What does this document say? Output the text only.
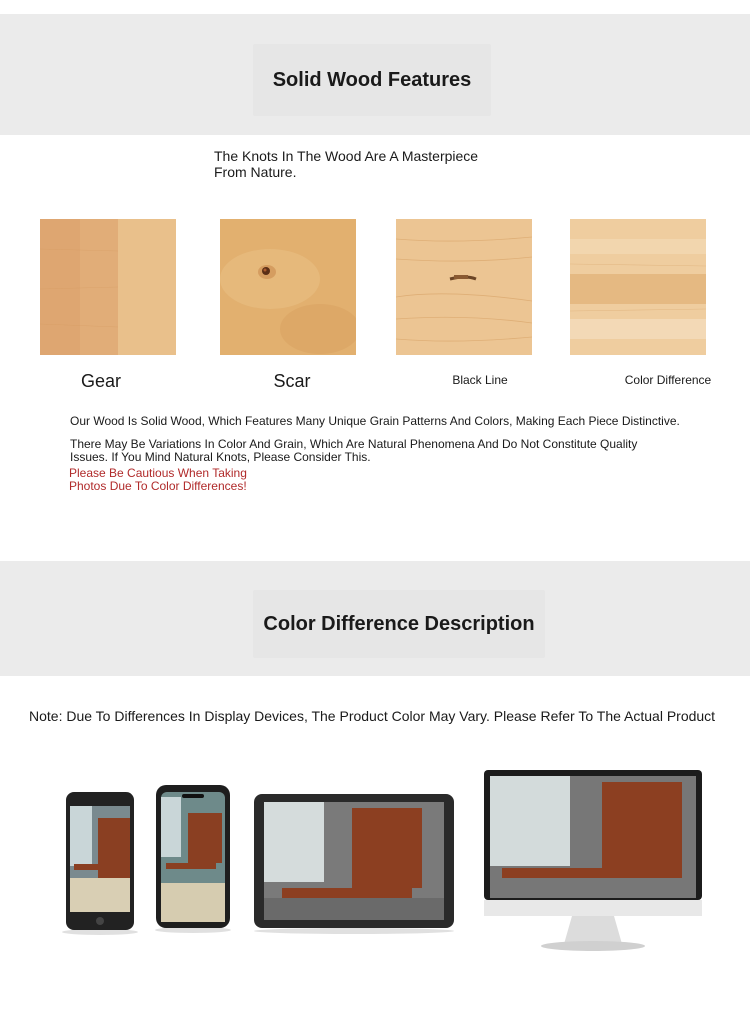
Solid Wood Features
The Knots In The Wood Are A Masterpiece
From Nature.
Gear	Scar	Black Line	Color Difference
Our Wood Is Solid Wood, Which Features Many Unique Grain Patterns And Colors, Making Each Piece Distinctive.
There May Be Variations In Color And Grain, Which Are Natural Phenomena And Do Not Constitute Quality
Issues. If You Mind Natural Knots, Please Consider This.
Please Be Cautious When Taking
Photos Due To Color Differences!
Color Difference Description
Note: Due To Differences In Display Devices, The Product Color May Vary. Please Refer To The Actual Product
